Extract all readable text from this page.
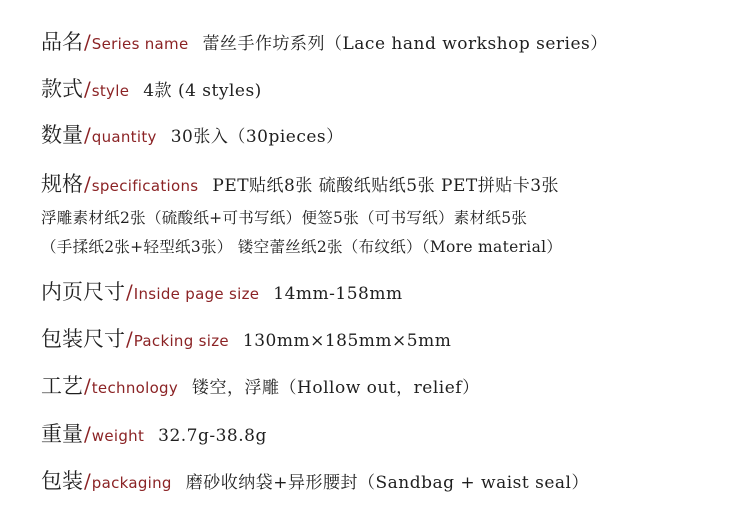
品名/Series name 蕾丝手作坊系列（Lace hand workshop series）
款式/style 4款 (4 styles)
数量/quantity 30张入（30pieces）
规格/specifications PET贴纸8张 硫酸纸贴纸5张 PET拼贴卡3张
浮雕素材纸2张（硫酸纸+可书写纸）便签5张（可书写纸）素材纸5张
（手揉纸2张+轻型纸3张） 镂空蕾丝纸2张（布纹纸）（More material）
内页尺寸/Inside page size 14mm-158mm
包装尺寸/Packing size 130mm×185mm×5mm
工艺/technology 镂空，浮雕（Hollow out，relief）
重量/weight 32.7g-38.8g
包装/packaging 磨砂收纳袋+异形腰封（Sandbag + waist seal）
